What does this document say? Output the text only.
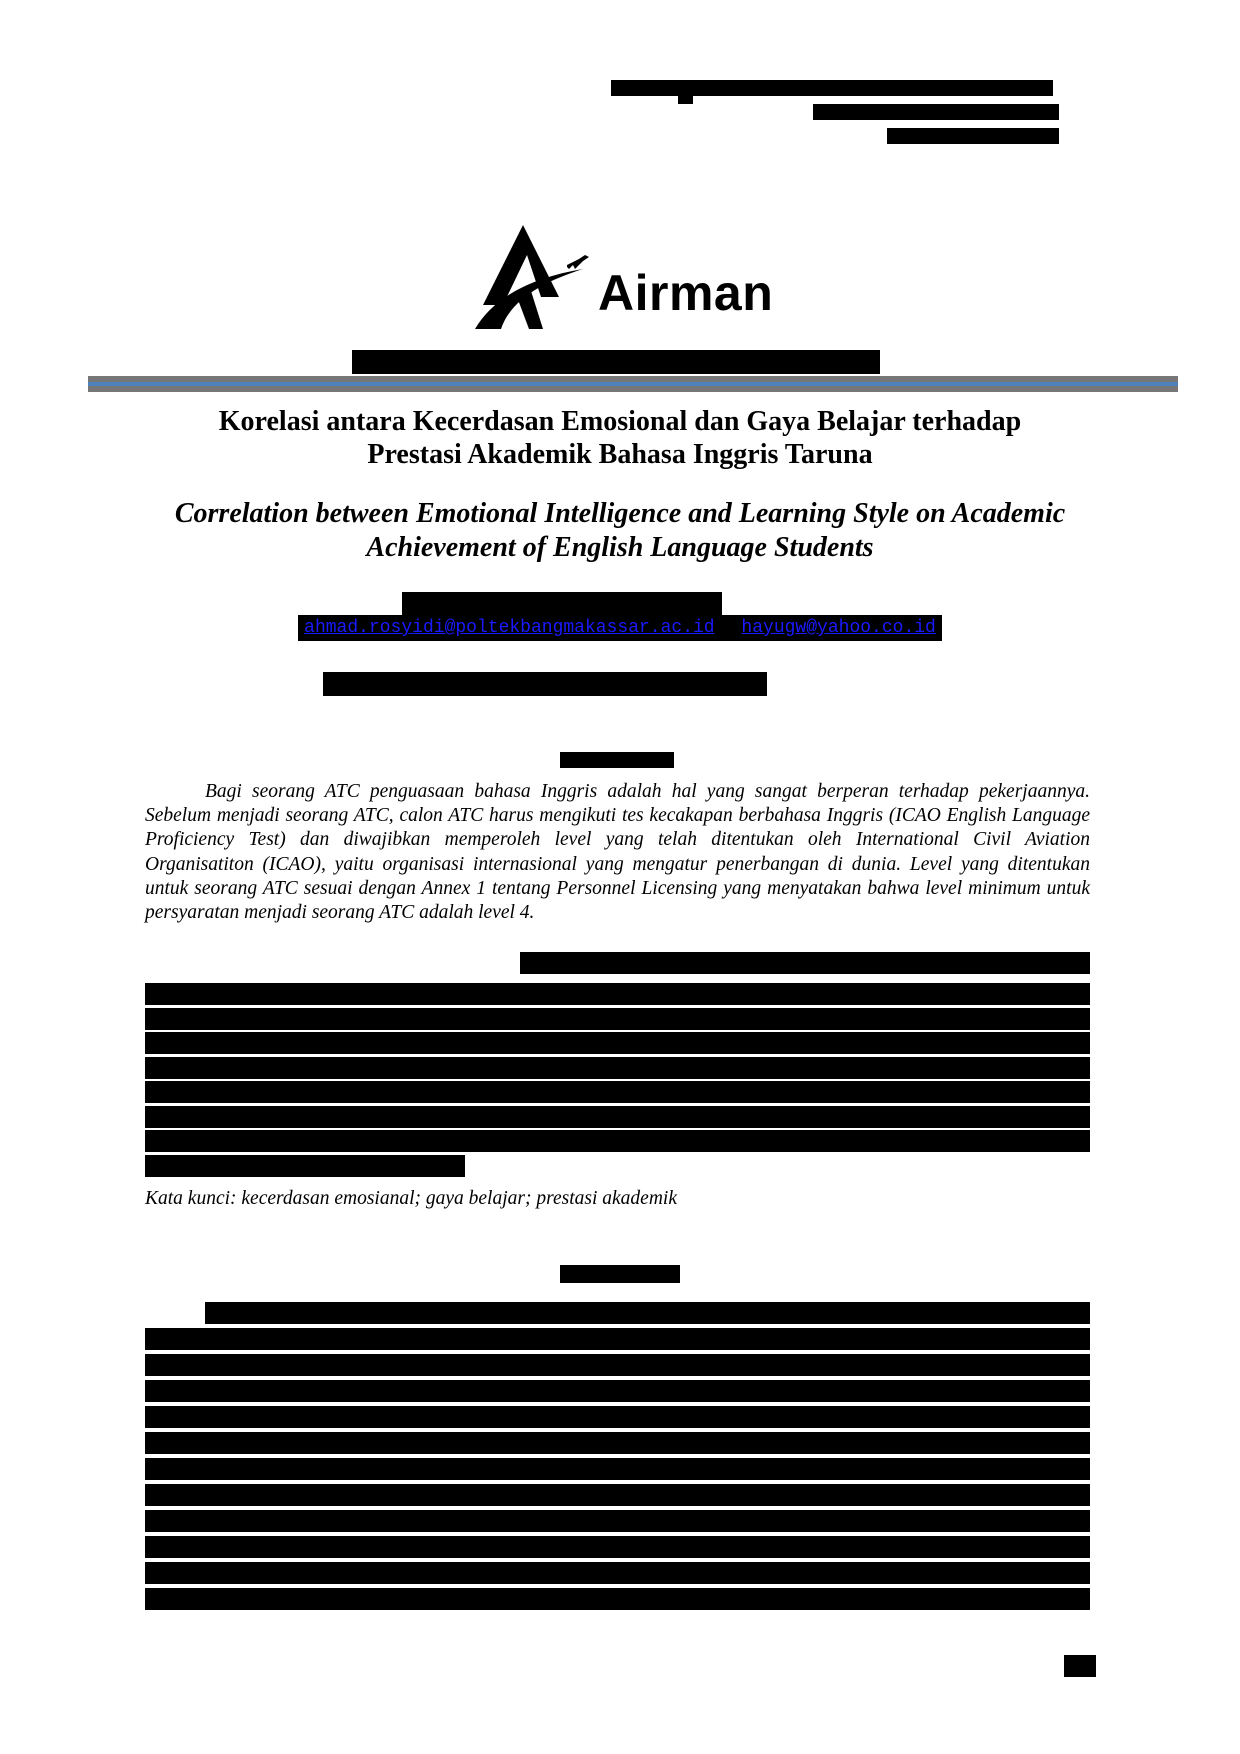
Airman
Korelasi antara Kecerdasan Emosional dan Gaya Belajar terhadap
Prestasi Akademik Bahasa Inggris Taruna
Correlation between Emotional Intelligence and Learning Style on Academic
Achievement of English Language Students
ahmad.rosyidi@poltekbangmakassar.ac.id , hayugw@yahoo.co.id
Bagi seorang ATC penguasaan bahasa Inggris adalah hal yang sangat berperan terhadap pekerjaannya. Sebelum menjadi seorang ATC, calon ATC harus mengikuti tes kecakapan berbahasa Inggris (ICAO English Language Proficiency Test) dan diwajibkan memperoleh level yang telah ditentukan oleh International Civil Aviation Organisatiton (ICAO), yaitu organisasi internasional yang mengatur penerbangan di dunia. Level yang ditentukan untuk seorang ATC sesuai dengan Annex 1 tentang Personnel Licensing yang menyatakan bahwa level minimum untuk persyaratan menjadi seorang ATC adalah level 4.
Kata kunci: kecerdasan emosianal; gaya belajar; prestasi akademik
